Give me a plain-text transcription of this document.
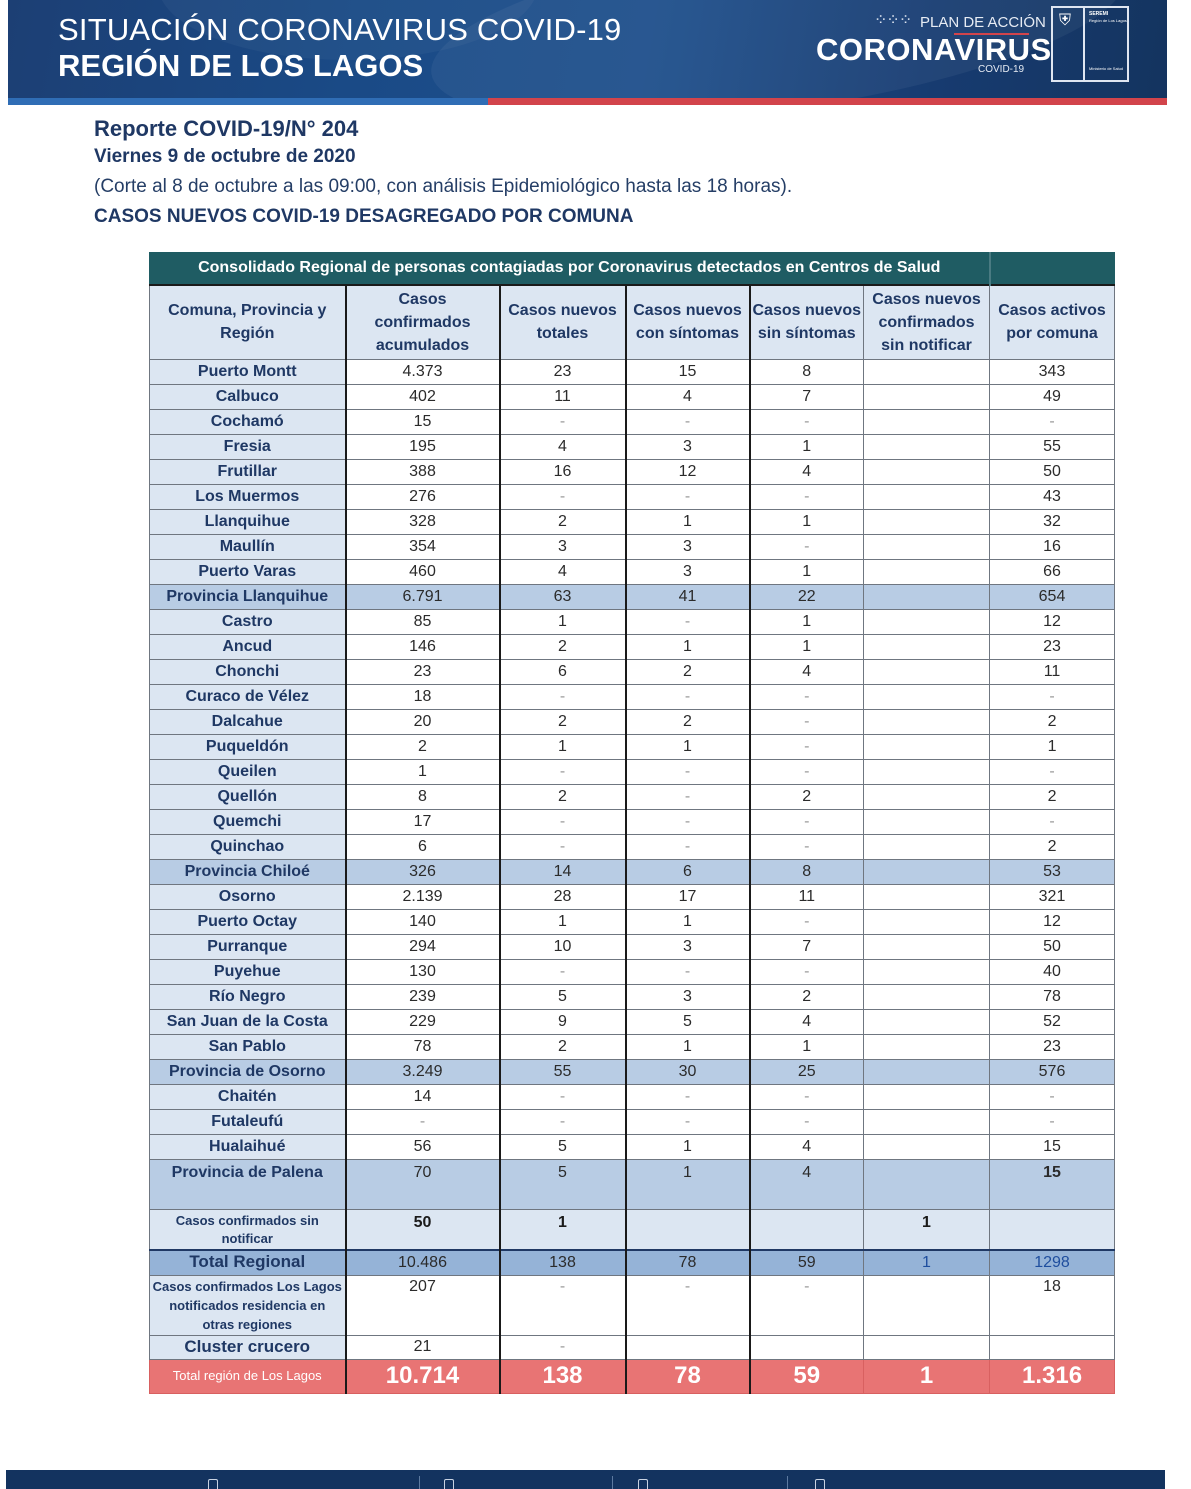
SITUACIÓN CORONAVIRUS COVID-19
REGIÓN DE LOS LAGOS
⁘⁘⁘ PLAN DE ACCIÓN
CORONAVIRUS
COVID-19
⛨	SEREMI
Región de Los Lagos
Ministerio de Salud
Reporte COVID-19/N° 204
Viernes 9 de octubre de 2020
(Corte al 8 de octubre a las 09:00, con análisis Epidemiológico hasta las 18 horas).
CASOS NUEVOS COVID-19 DESAGREGADO POR COMUNA
Consolidado Regional de personas contagiadas por Coronavirus detectados en Centros de Salud						
Comuna, Provincia y Región	Casos confirmados acumulados	Casos nuevos totales	Casos nuevos con síntomas	Casos nuevos sin síntomas	Casos nuevos confirmados sin notificar	Casos activos por comuna
Puerto Montt	4.373	23	15	8		343
Calbuco	402	11	4	7		49
Cochamó	15	-	-	-		-
Fresia	195	4	3	1		55
Frutillar	388	16	12	4		50
Los Muermos	276	-	-	-		43
Llanquihue	328	2	1	1		32
Maullín	354	3	3	-		16
Puerto Varas	460	4	3	1		66
Provincia Llanquihue	6.791	63	41	22		654
Castro	85	1	-	1		12
Ancud	146	2	1	1		23
Chonchi	23	6	2	4		11
Curaco de Vélez	18	-	-	-		-
Dalcahue	20	2	2	-		2
Puqueldón	2	1	1	-		1
Queilen	1	-	-	-		-
Quellón	8	2	-	2		2
Quemchi	17	-	-	-		-
Quinchao	6	-	-	-		2
Provincia Chiloé	326	14	6	8		53
Osorno	2.139	28	17	11		321
Puerto Octay	140	1	1	-		12
Purranque	294	10	3	7		50
Puyehue	130	-	-	-		40
Río Negro	239	5	3	2		78
San Juan de la Costa	229	9	5	4		52
San Pablo	78	2	1	1		23
Provincia de Osorno	3.249	55	30	25		576
Chaitén	14	-	-	-		-
Futaleufú	-	-	-	-		-
Hualaihué	56	5	1	4		15
Provincia de Palena	70	5	1	4		15
Casos confirmados sin notificar	50	1			1	
Total Regional	10.486	138	78	59	1	1298
Casos confirmados Los Lagos notificados residencia en otras regiones	207	-	-	-		18
Cluster crucero	21	-				
Total región de Los Lagos	10.714	138	78	59	1	1.316
